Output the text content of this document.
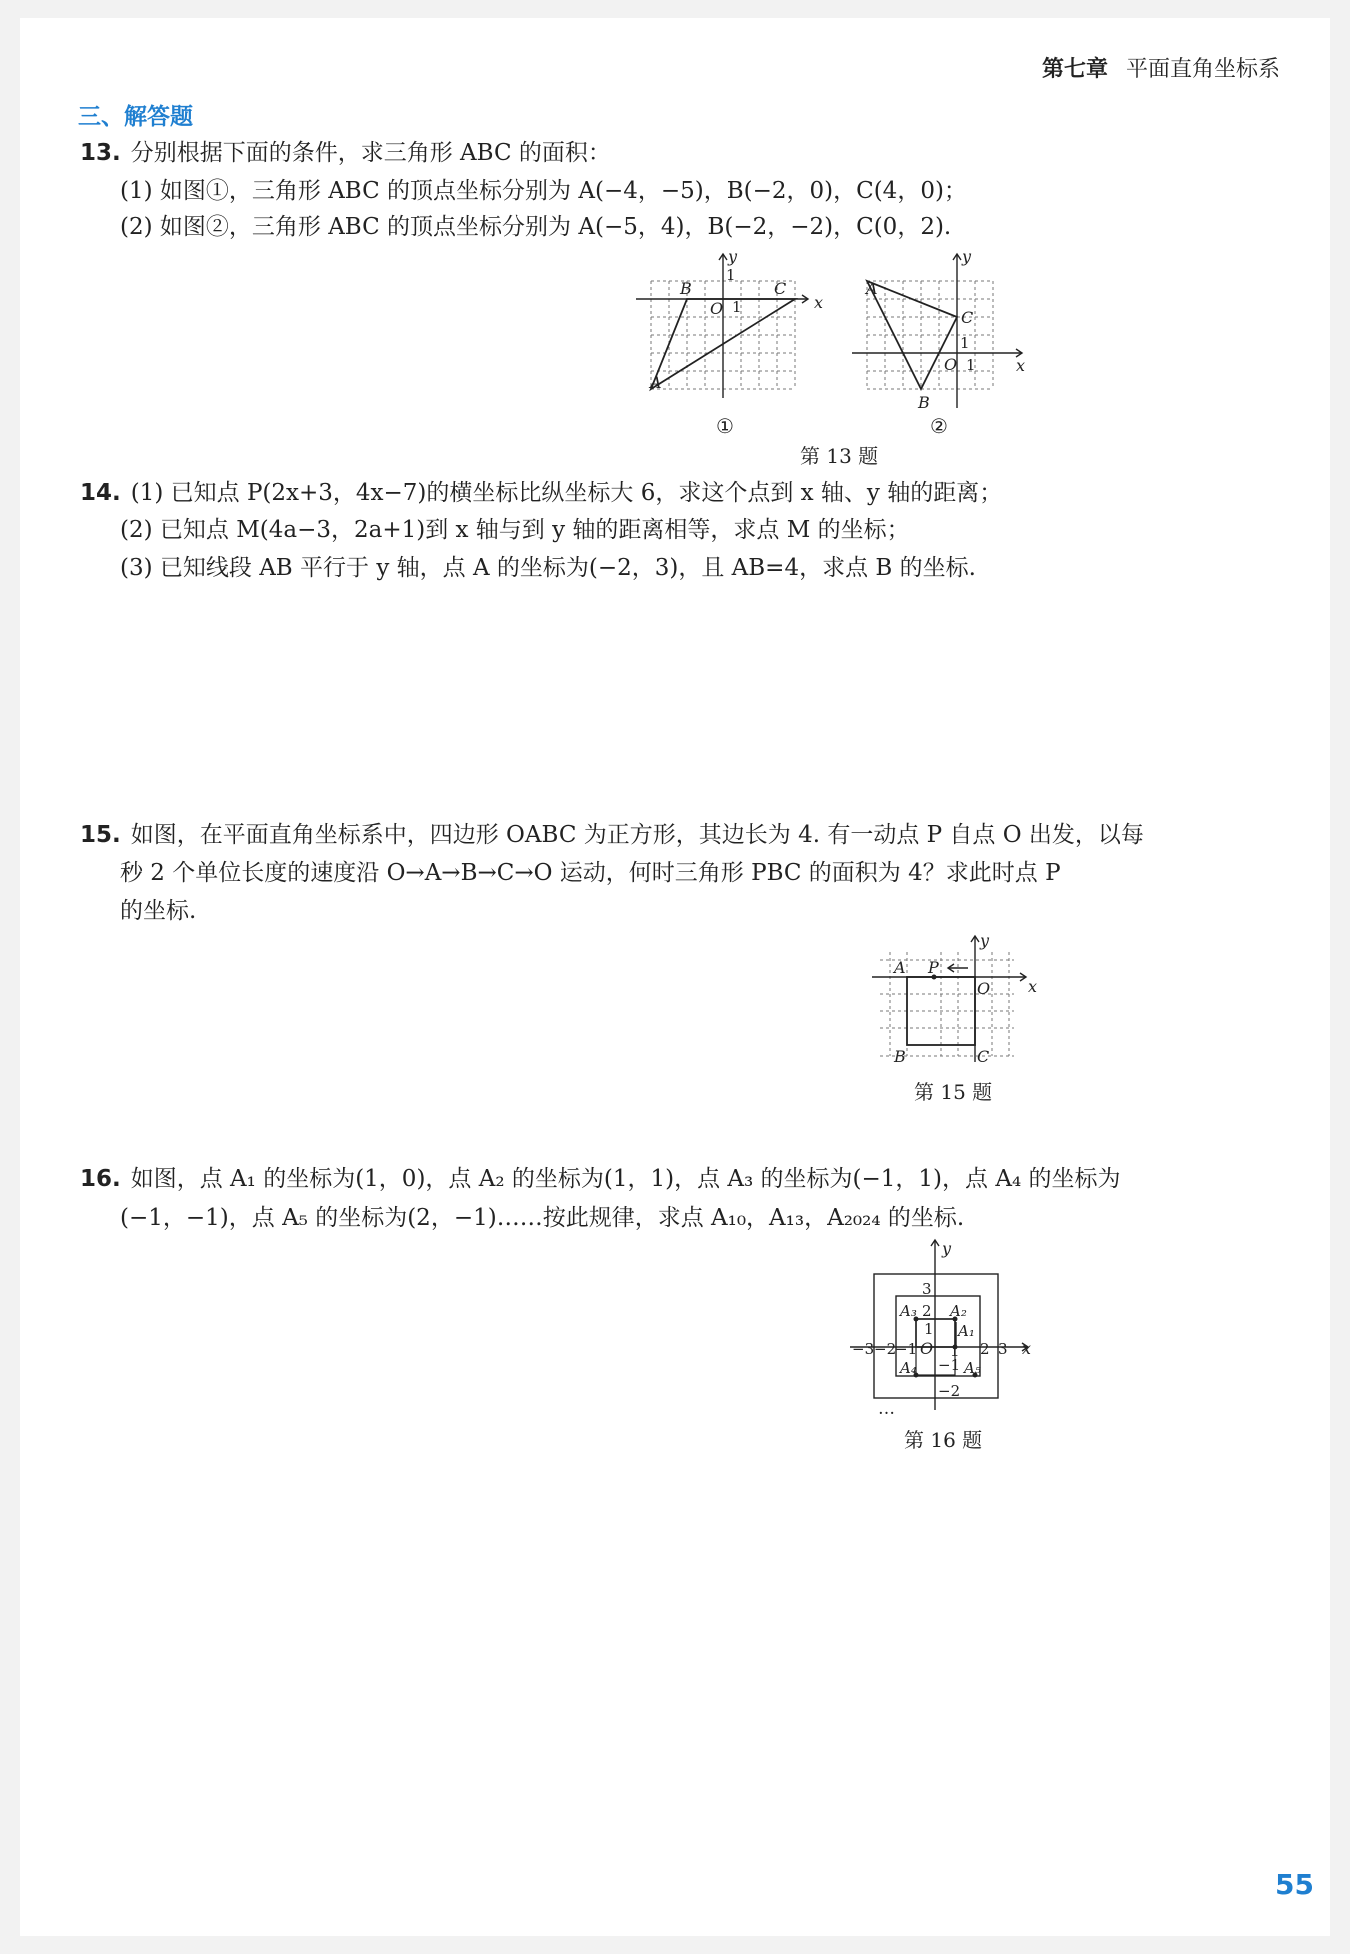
第七章 平面直角坐标系
三、解答题
13. 分别根据下面的条件，求三角形 ABC 的面积：
(1) 如图①，三角形 ABC 的顶点坐标分别为 A(−4，−5)，B(−2，0)，C(4，0)；
(2) 如图②，三角形 ABC 的顶点坐标分别为 A(−5，4)，B(−2，−2)，C(0，2).
x
y
1
1
O
B	C
A
①
x
y
1
1
O
A
C
B
②
第 13 题
14. (1) 已知点 P(2x+3，4x−7)的横坐标比纵坐标大 6，求这个点到 x 轴、y 轴的距离；
(2) 已知点 M(4a−3，2a+1)到 x 轴与到 y 轴的距离相等，求点 M 的坐标；
(3) 已知线段 AB 平行于 y 轴，点 A 的坐标为(−2，3)，且 AB=4，求点 B 的坐标.
15. 如图，在平面直角坐标系中，四边形 OABC 为正方形，其边长为 4. 有一动点 P 自点 O 出发，以每
秒 2 个单位长度的速度沿 O→A→B→C→O 运动，何时三角形 PBC 的面积为 4？求此时点 P
的坐标.
x
y
A P
O
B	C
第 15 题
16. 如图，点 A₁ 的坐标为(1，0)，点 A₂ 的坐标为(1，1)，点 A₃ 的坐标为(−1，1)，点 A₄ 的坐标为
(−1，−1)，点 A₅ 的坐标为(2，−1)……按此规律，求点 A₁₀，A₁₃，A₂₀₂₄ 的坐标.
x
y
3
1
−1
−2
−3 −2
−1 O 1 2 3
A₃ 2 A₂
A₁
A₄	A₅
…
第 16 题
55
